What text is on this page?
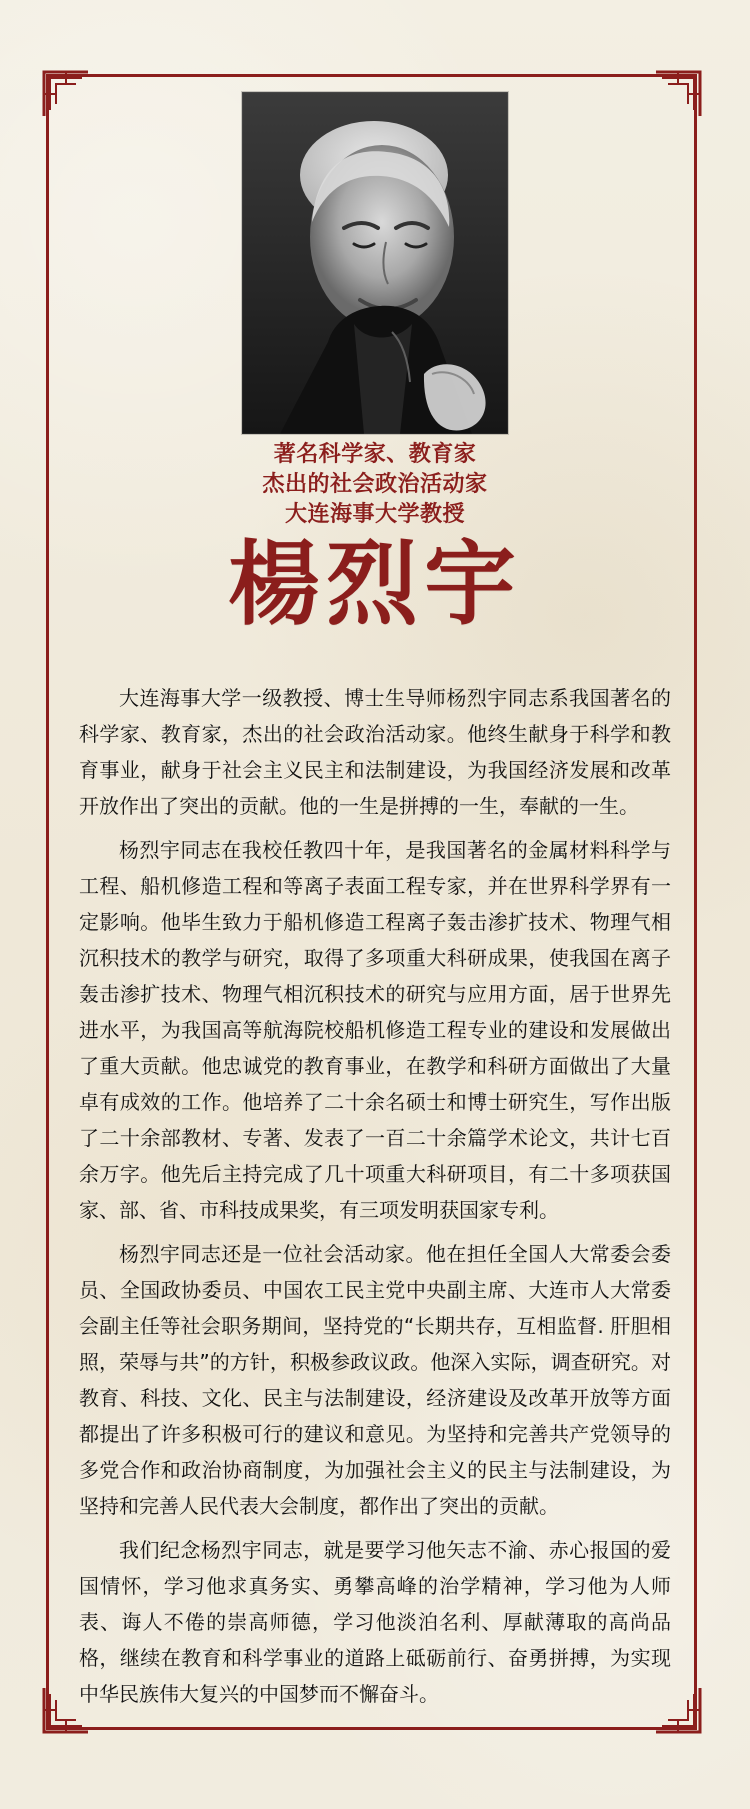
著名科学家、教育家
杰出的社会政治活动家
大连海事大学教授
楊烈宇

大连海事大学一级教授、博士生导师杨烈宇同志系我国著名的科学家、教育家，杰出的社会政治活动家。他终生献身于科学和教育事业，献身于社会主义民主和法制建设，为我国经济发展和改革开放作出了突出的贡献。他的一生是拼搏的一生，奉献的一生。

杨烈宇同志在我校任教四十年，是我国著名的金属材料科学与工程、船机修造工程和等离子表面工程专家，并在世界科学界有一定影响。他毕生致力于船机修造工程离子轰击渗扩技术、物理气相沉积技术的教学与研究，取得了多项重大科研成果，使我国在离子轰击渗扩技术、物理气相沉积技术的研究与应用方面，居于世界先进水平，为我国高等航海院校船机修造工程专业的建设和发展做出了重大贡献。他忠诚党的教育事业，在教学和科研方面做出了大量卓有成效的工作。他培养了二十余名硕士和博士研究生，写作出版了二十余部教材、专著、发表了一百二十余篇学术论文，共计七百余万字。他先后主持完成了几十项重大科研项目，有二十多项获国家、部、省、市科技成果奖，有三项发明获国家专利。

杨烈宇同志还是一位社会活动家。他在担任全国人大常委会委员、全国政协委员、中国农工民主党中央副主席、大连市人大常委会副主任等社会职务期间，坚持党的“长期共存，互相监督. 肝胆相照，荣辱与共”的方针，积极参政议政。他深入实际，调查研究。对教育、科技、文化、民主与法制建设，经济建设及改革开放等方面都提出了许多积极可行的建议和意见。为坚持和完善共产党领导的多党合作和政治协商制度，为加强社会主义的民主与法制建设，为坚持和完善人民代表大会制度，都作出了突出的贡献。

我们纪念杨烈宇同志，就是要学习他矢志不渝、赤心报国的爱国情怀，学习他求真务实、勇攀高峰的治学精神，学习他为人师表、诲人不倦的崇高师德，学习他淡泊名利、厚献薄取的高尚品格，继续在教育和科学事业的道路上砥砺前行、奋勇拼搏，为实现中华民族伟大复兴的中国梦而不懈奋斗。
